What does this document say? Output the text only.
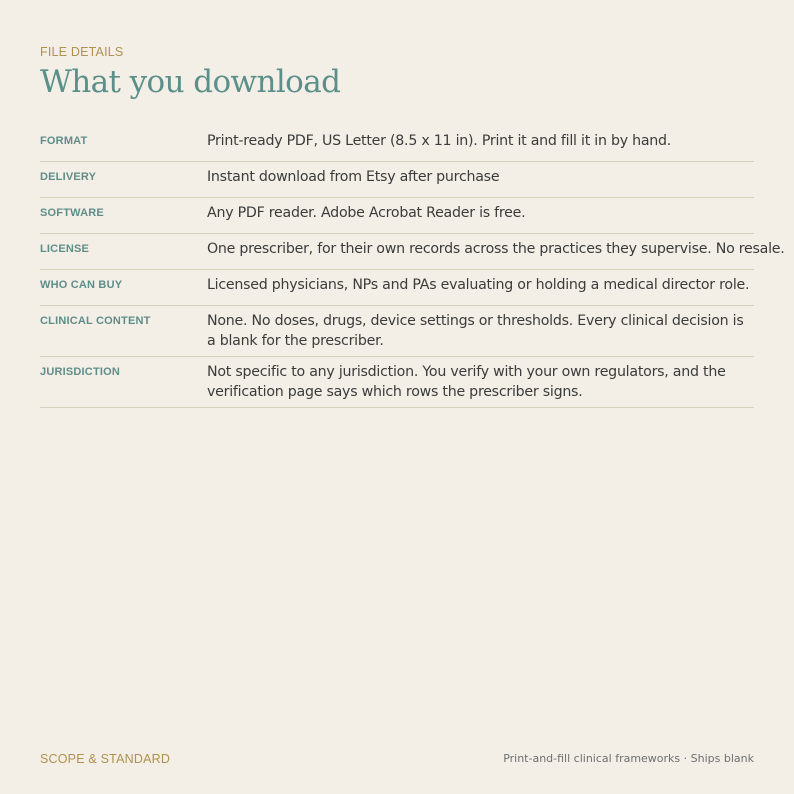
FILE DETAILS
What you download
FORMAT	Print-ready PDF, US Letter (8.5 x 11 in). Print it and fill it in by hand.
DELIVERY	Instant download from Etsy after purchase
SOFTWARE	Any PDF reader. Adobe Acrobat Reader is free.
LICENSE	One prescriber, for their own records across the practices they supervise. No resale.
WHO CAN BUY	Licensed physicians, NPs and PAs evaluating or holding a medical director role.
CLINICAL CONTENT	None. No doses, drugs, device settings or thresholds. Every clinical decision is a blank for the prescriber.
JURISDICTION	Not specific to any jurisdiction. You verify with your own regulators, and the verification page says which rows the prescriber signs.
SCOPE & STANDARD	Print-and-fill clinical frameworks · Ships blank
